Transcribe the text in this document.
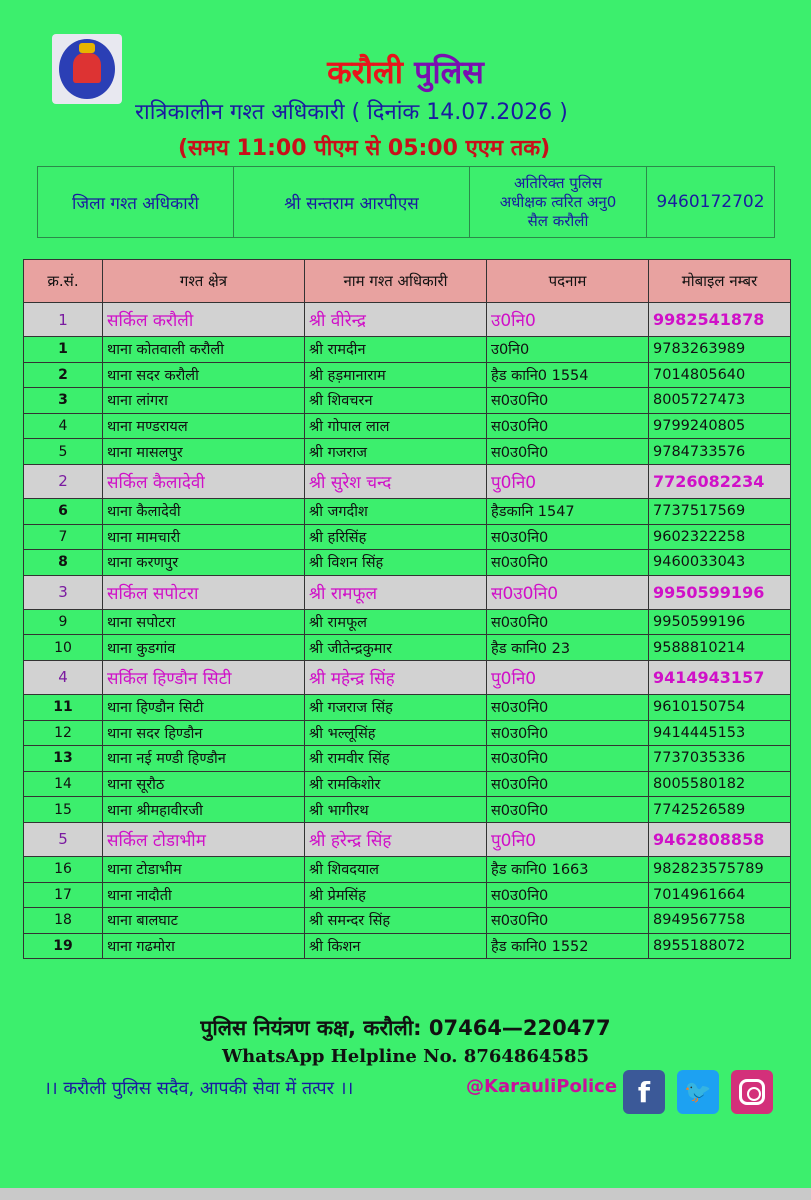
करौली पुलिस
रात्रिकालीन गश्त अधिकारी ( दिनांक 14.07.2026 )
(समय 11:00 पीएम से 05:00 एएम तक)
जिला गश्त अधिकारी	श्री सन्तराम आरपीएस	
अतिरिक्त पुलिस
अधीक्षक त्वरित अनु0
सैल करौली
	9460172702
क्र.सं.	गश्त क्षेत्र	नाम गश्त अधिकारी	पदनाम	मोबाइल नम्बर
1	सर्किल करौली	श्री वीरेन्द्र	उ0नि0	9982541878
1	थाना कोतवाली करौली	श्री रामदीन	उ0नि0	9783263989
2	थाना सदर करौली	श्री हड़मानाराम	हैड कानि0 1554	7014805640
3	थाना लांगरा	श्री शिवचरन	स0उ0नि0	8005727473
4	थाना मण्डरायल	श्री गोपाल लाल	स0उ0नि0	9799240805
5	थाना मासलपुर	श्री गजराज	स0उ0नि0	9784733576
2	सर्किल कैलादेवी	श्री सुरेश चन्द	पु0नि0	7726082234
6	थाना कैलादेवी	श्री जगदीश	हैडकानि 1547	7737517569
7	थाना मामचारी	श्री हरिसिंह	स0उ0नि0	9602322258
8	थाना करणपुर	श्री विशन सिंह	स0उ0नि0	9460033043
3	सर्किल सपोटरा	श्री रामफूल	स0उ0नि0	9950599196
9	थाना सपोटरा	श्री रामफूल	स0उ0नि0	9950599196
10	थाना कुडगांव	श्री जीतेन्द्रकुमार	हैड कानि0 23	9588810214
4	सर्किल हिण्डौन सिटी	श्री महेन्द्र सिंह	पु0नि0	9414943157
11	थाना हिण्डौन सिटी	श्री गजराज सिंह	स0उ0नि0	9610150754
12	थाना सदर हिण्डौन	श्री भल्लूसिंह	स0उ0नि0	9414445153
13	थाना नई मण्डी हिण्डौन	श्री रामवीर सिंह	स0उ0नि0	7737035336
14	थाना सूरौठ	श्री रामकिशोर	स0उ0नि0	8005580182
15	थाना श्रीमहावीरजी	श्री भागीरथ	स0उ0नि0	7742526589
5	सर्किल टोडाभीम	श्री हरेन्द्र सिंह	पु0नि0	9462808858
16	थाना टोडाभीम	श्री शिवदयाल	हैड कानि0 1663	982823575789
17	थाना नादौती	श्री प्रेमसिंह	स0उ0नि0	7014961664
18	थाना बालघाट	श्री समन्दर सिंह	स0उ0नि0	8949567758
19	थाना गढमोरा	श्री किशन	हैड कानि0 1552	8955188072
पुलिस नियंत्रण कक्ष, करौली: 07464—220477
WhatsApp Helpline No. 8764864585
।। करौली पुलिस सदैव, आपकी सेवा में तत्पर ।।	@KarauliPolice f	🐦
